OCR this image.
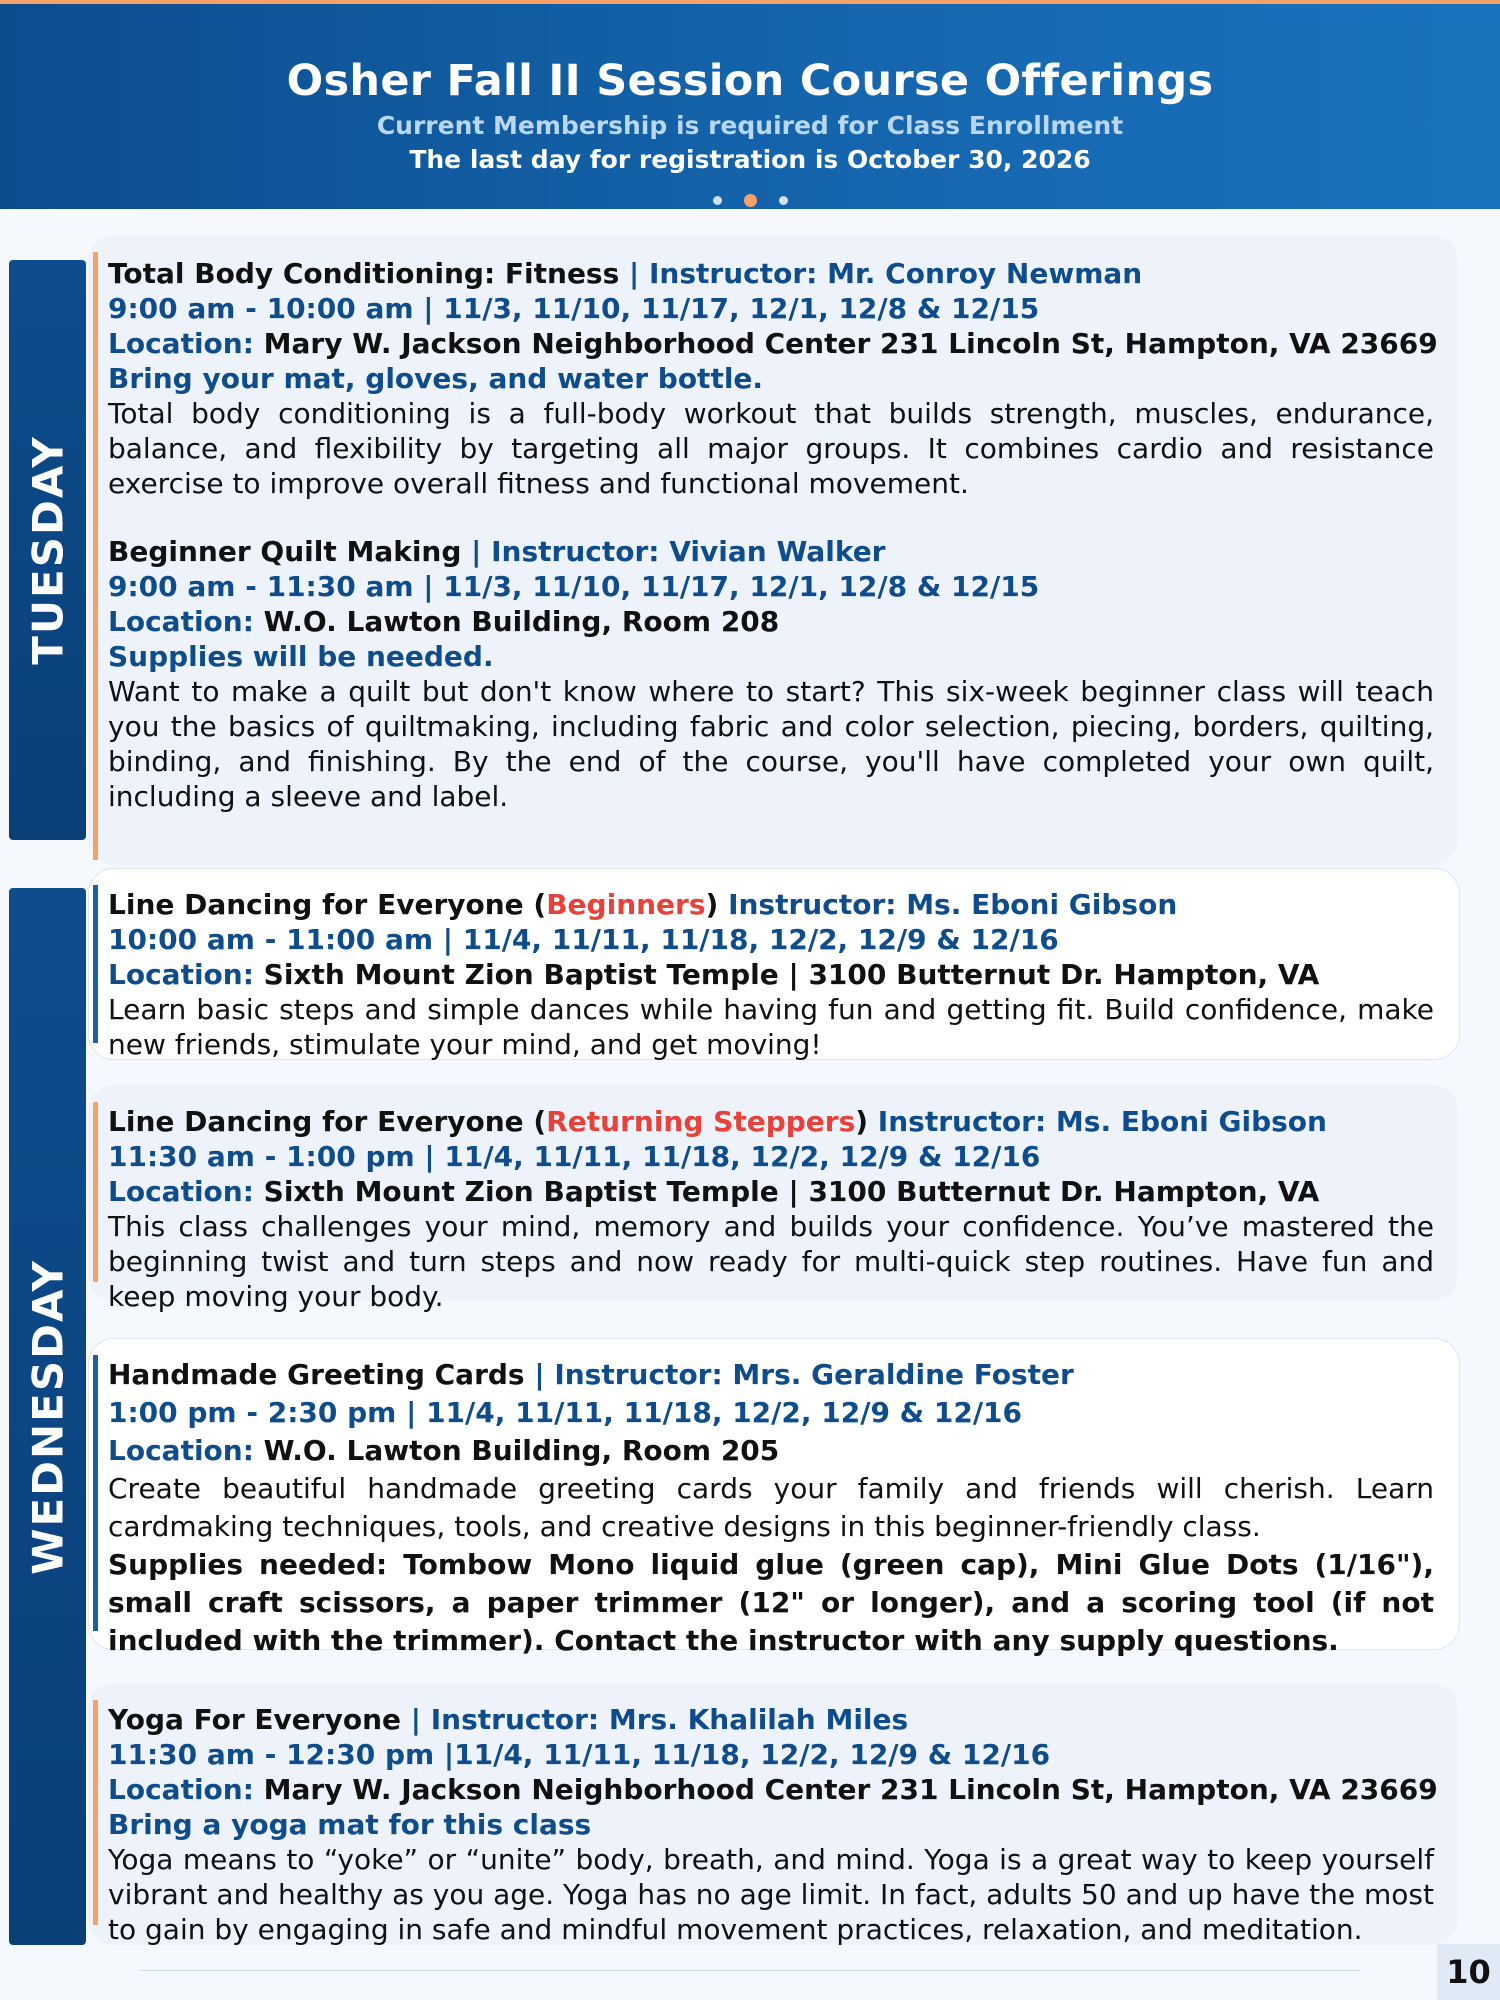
Osher Fall II Session Course Offerings
Current Membership is required for Class Enrollment
The last day for registration is October 30, 2026
TUESDAY
Total Body Conditioning: Fitness | Instructor: Mr. Conroy Newman
9:00 am - 10:00 am | 11/3, 11/10, 11/17, 12/1, 12/8 & 12/15
Location: Mary W. Jackson Neighborhood Center 231 Lincoln St, Hampton, VA 23669
Bring your mat, gloves, and water bottle.
Total body conditioning is a full-body workout that builds strength, muscles, endurance, balance, and flexibility by targeting all major groups. It combines cardio and resistance exercise to improve overall fitness and functional movement.
Beginner Quilt Making | Instructor: Vivian Walker
9:00 am - 11:30 am | 11/3, 11/10, 11/17, 12/1, 12/8 & 12/15
Location: W.O. Lawton Building, Room 208
Supplies will be needed.
Want to make a quilt but don't know where to start? This six-week beginner class will teach you the basics of quiltmaking, including fabric and color selection, piecing, borders, quilting, binding, and finishing. By the end of the course, you'll have completed your own quilt, including a sleeve and label.
WEDNESDAY
Line Dancing for Everyone (Beginners) Instructor: Ms. Eboni Gibson
10:00 am - 11:00 am | 11/4, 11/11, 11/18, 12/2, 12/9 & 12/16
Location: Sixth Mount Zion Baptist Temple | 3100 Butternut Dr. Hampton, VA
Learn basic steps and simple dances while having fun and getting fit. Build confidence, make new friends, stimulate your mind, and get moving!
Line Dancing for Everyone (Returning Steppers) Instructor: Ms. Eboni Gibson
11:30 am - 1:00 pm | 11/4, 11/11, 11/18, 12/2, 12/9 & 12/16
Location: Sixth Mount Zion Baptist Temple | 3100 Butternut Dr. Hampton, VA
This class challenges your mind, memory and builds your confidence. You’ve mastered the beginning twist and turn steps and now ready for multi-quick step routines. Have fun and keep moving your body.
Handmade Greeting Cards | Instructor: Mrs. Geraldine Foster
1:00 pm - 2:30 pm | 11/4, 11/11, 11/18, 12/2, 12/9 & 12/16
Location: W.O. Lawton Building, Room 205
Create beautiful handmade greeting cards your family and friends will cherish. Learn cardmaking techniques, tools, and creative designs in this beginner-friendly class.
Supplies needed: Tombow Mono liquid glue (green cap), Mini Glue Dots (1/16"), small craft scissors, a paper trimmer (12" or longer), and a scoring tool (if not included with the trimmer). Contact the instructor with any supply questions.
Yoga For Everyone | Instructor: Mrs. Khalilah Miles
11:30 am - 12:30 pm |11/4, 11/11, 11/18, 12/2, 12/9 & 12/16
Location: Mary W. Jackson Neighborhood Center 231 Lincoln St, Hampton, VA 23669
Bring a yoga mat for this class
Yoga means to “yoke” or “unite” body, breath, and mind. Yoga is a great way to keep yourself vibrant and healthy as you age. Yoga has no age limit. In fact, adults 50 and up have the most to gain by engaging in safe and mindful movement practices, relaxation, and meditation.
10
